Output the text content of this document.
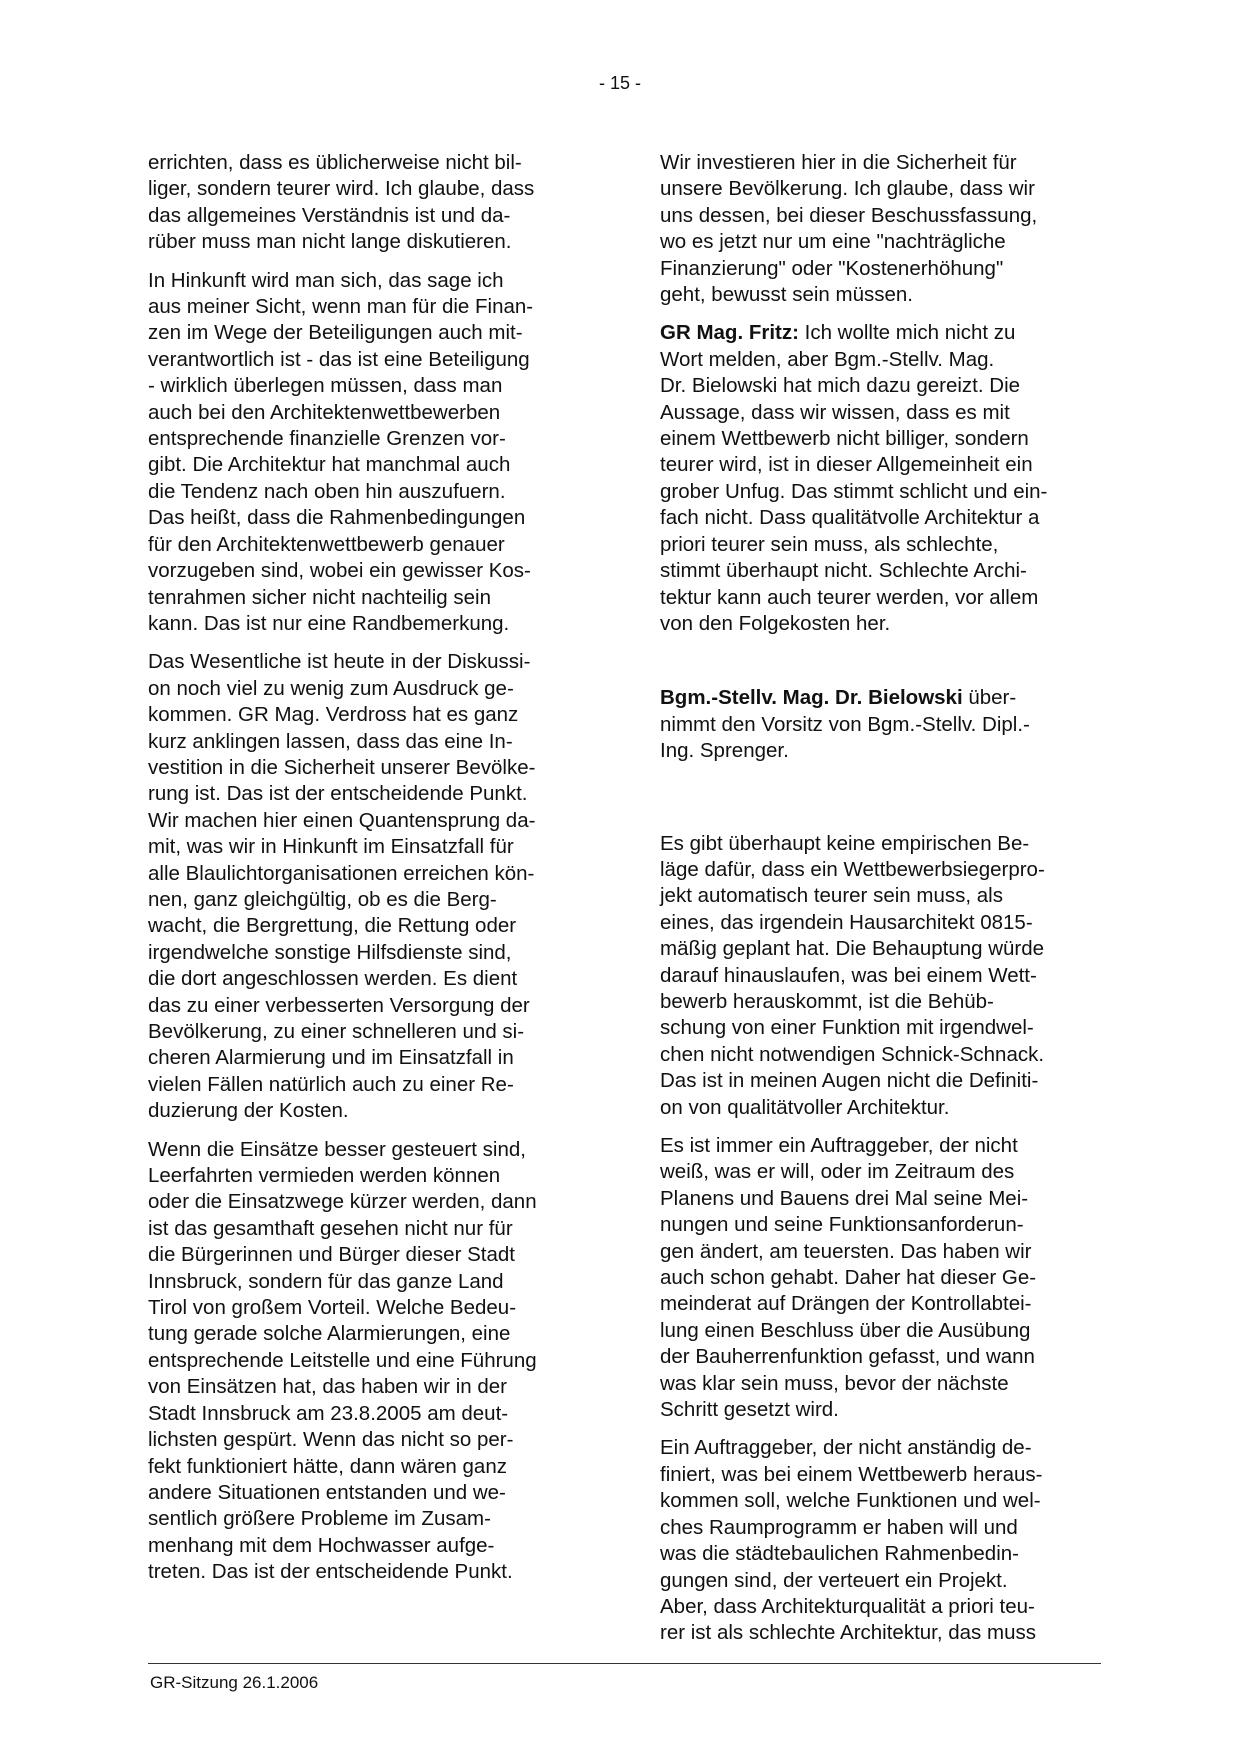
- 15 -

errichten, dass es üblicherweise nicht bil-
liger, sondern teurer wird. Ich glaube, dass
das allgemeines Verständnis ist und da-
rüber muss man nicht lange diskutieren.

In Hinkunft wird man sich, das sage ich
aus meiner Sicht, wenn man für die Finan-
zen im Wege der Beteiligungen auch mit-
verantwortlich ist - das ist eine Beteiligung
- wirklich überlegen müssen, dass man
auch bei den Architektenwettbewerben
entsprechende finanzielle Grenzen vor-
gibt. Die Architektur hat manchmal auch
die Tendenz nach oben hin auszufuern.
Das heißt, dass die Rahmenbedingungen
für den Architektenwettbewerb genauer
vorzugeben sind, wobei ein gewisser Kos-
tenrahmen sicher nicht nachteilig sein
kann. Das ist nur eine Randbemerkung.

Das Wesentliche ist heute in der Diskussi-
on noch viel zu wenig zum Ausdruck ge-
kommen. GR Mag. Verdross hat es ganz
kurz anklingen lassen, dass das eine In-
vestition in die Sicherheit unserer Bevölke-
rung ist. Das ist der entscheidende Punkt.
Wir machen hier einen Quantensprung da-
mit, was wir in Hinkunft im Einsatzfall für
alle Blaulichtorganisationen erreichen kön-
nen, ganz gleichgültig, ob es die Berg-
wacht, die Bergrettung, die Rettung oder
irgendwelche sonstige Hilfsdienste sind,
die dort angeschlossen werden. Es dient
das zu einer verbesserten Versorgung der
Bevölkerung, zu einer schnelleren und si-
cheren Alarmierung und im Einsatzfall in
vielen Fällen natürlich auch zu einer Re-
duzierung der Kosten.

Wenn die Einsätze besser gesteuert sind,
Leerfahrten vermieden werden können
oder die Einsatzwege kürzer werden, dann
ist das gesamthaft gesehen nicht nur für
die Bürgerinnen und Bürger dieser Stadt
Innsbruck, sondern für das ganze Land
Tirol von großem Vorteil. Welche Bedeu-
tung gerade solche Alarmierungen, eine
entsprechende Leitstelle und eine Führung
von Einsätzen hat, das haben wir in der
Stadt Innsbruck am 23.8.2005 am deut-
lichsten gespürt. Wenn das nicht so per-
fekt funktioniert hätte, dann wären ganz
andere Situationen entstanden und we-
sentlich größere Probleme im Zusam-
menhang mit dem Hochwasser aufge-
treten. Das ist der entscheidende Punkt.

Wir investieren hier in die Sicherheit für
unsere Bevölkerung. Ich glaube, dass wir
uns dessen, bei dieser Beschussfassung,
wo es jetzt nur um eine "nachträgliche
Finanzierung" oder "Kostenerhöhung"
geht, bewusst sein müssen.

GR Mag. Fritz: Ich wollte mich nicht zu
Wort melden, aber Bgm.-Stellv. Mag.
Dr. Bielowski hat mich dazu gereizt. Die
Aussage, dass wir wissen, dass es mit
einem Wettbewerb nicht billiger, sondern
teurer wird, ist in dieser Allgemeinheit ein
grober Unfug. Das stimmt schlicht und ein-
fach nicht. Dass qualitätvolle Architektur a
priori teurer sein muss, als schlechte,
stimmt überhaupt nicht. Schlechte Archi-
tektur kann auch teurer werden, vor allem
von den Folgekosten her.

Bgm.-Stellv. Mag. Dr. Bielowski über-
nimmt den Vorsitz von Bgm.-Stellv. Dipl.-
Ing. Sprenger.

Es gibt überhaupt keine empirischen Be-
läge dafür, dass ein Wettbewerbsiegerpro-
jekt automatisch teurer sein muss, als
eines, das irgendein Hausarchitekt 0815-
mäßig geplant hat. Die Behauptung würde
darauf hinauslaufen, was bei einem Wett-
bewerb herauskommt, ist die Behüb-
schung von einer Funktion mit irgendwel-
chen nicht notwendigen Schnick-Schnack.
Das ist in meinen Augen nicht die Definiti-
on von qualitätvoller Architektur.

Es ist immer ein Auftraggeber, der nicht
weiß, was er will, oder im Zeitraum des
Planens und Bauens drei Mal seine Mei-
nungen und seine Funktionsanforderun-
gen ändert, am teuersten. Das haben wir
auch schon gehabt. Daher hat dieser Ge-
meinderat auf Drängen der Kontrollabtei-
lung einen Beschluss über die Ausübung
der Bauherrenfunktion gefasst, und wann
was klar sein muss, bevor der nächste
Schritt gesetzt wird.

Ein Auftraggeber, der nicht anständig de-
finiert, was bei einem Wettbewerb heraus-
kommen soll, welche Funktionen und wel-
ches Raumprogramm er haben will und
was die städtebaulichen Rahmenbedin-
gungen sind, der verteuert ein Projekt.
Aber, dass Architekturqualität a priori teu-
rer ist als schlechte Architektur, das muss

GR-Sitzung 26.1.2006
